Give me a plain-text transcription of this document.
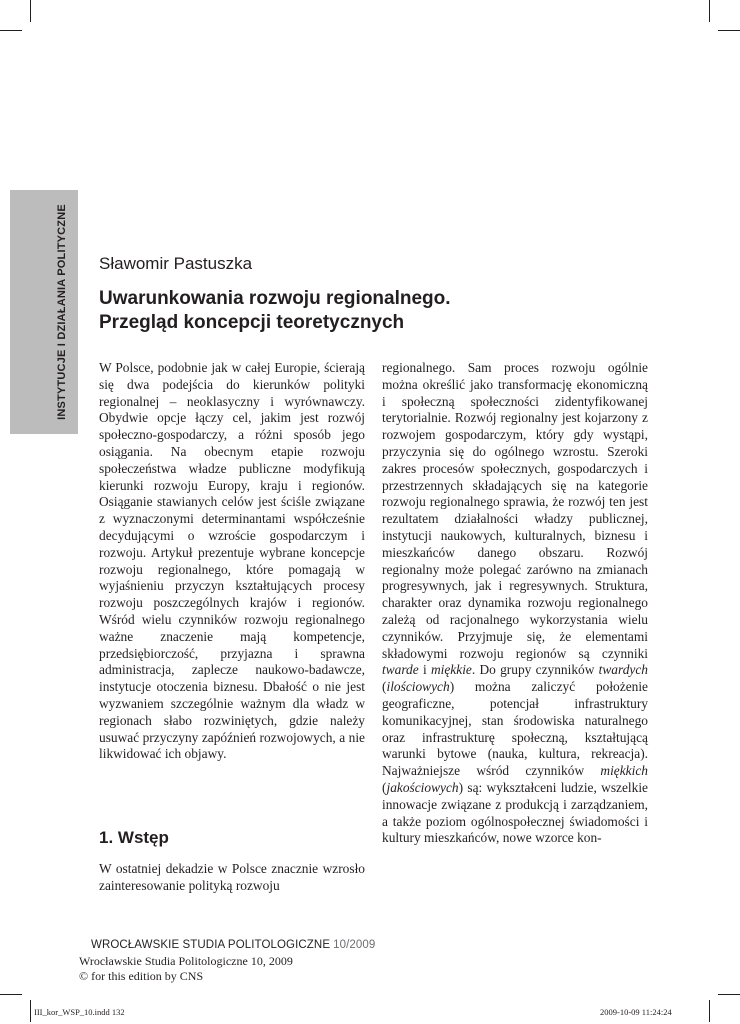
INSTYTUCJE I DZIAŁANIA POLITYCZNE Sławomir Pastuszka
Uwarunkowania rozwoju regionalnego.
Przegląd koncepcji teoretycznych

W Polsce, podobnie jak w całej Europie, ścierają się dwa podejścia do kierunków polityki regionalnej – neoklasyczny i wyrównawczy. Obydwie opcje łączy cel, jakim jest rozwój społeczno-gospodarczy, a różni sposób jego osiągania. Na obecnym etapie rozwoju społeczeństwa władze publiczne modyfikują kierunki rozwoju Europy, kraju i regionów. Osiąganie stawianych celów jest ściśle związane z wyznaczonymi determinantami współcześnie decydującymi o wzroście gospodarczym i rozwoju. Artykuł prezentuje wybrane koncepcje rozwoju regionalnego, które pomagają w wyjaśnieniu przyczyn kształtujących procesy rozwoju poszczególnych krajów i regionów. Wśród wielu czynników rozwoju regionalnego ważne znaczenie mają kompetencje, przedsiębiorczość, przyjazna i sprawna administracja, zaplecze naukowo-badawcze, instytucje otoczenia biznesu. Dbałość o nie jest wyzwaniem szczególnie ważnym dla władz w regionach słabo rozwiniętych, gdzie należy usuwać przyczyny zapóźnień rozwojowych, a nie likwidować ich objawy.

1. Wstęp

W ostatniej dekadzie w Polsce znacznie wzrosło zainteresowanie polityką rozwoju

regionalnego. Sam proces rozwoju ogólnie można określić jako transformację ekonomiczną i społeczną społeczności zidentyfikowanej terytorialnie. Rozwój regionalny jest kojarzony z rozwojem gospodarczym, który gdy wystąpi, przyczynia się do ogólnego wzrostu. Szeroki zakres procesów społecznych, gospodarczych i przestrzennych składających się na kategorie rozwoju regionalnego sprawia, że rozwój ten jest rezultatem działalności władzy publicznej, instytucji naukowych, kulturalnych, biznesu i mieszkańców danego obszaru. Rozwój regionalny może polegać zarówno na zmianach progresywnych, jak i regresywnych. Struktura, charakter oraz dynamika rozwoju regionalnego zależą od racjonalnego wykorzystania wielu czynników. Przyjmuje się, że elementami składowymi rozwoju regionów są czynniki twarde i miękkie. Do grupy czynników twardych (ilościowych) można zaliczyć położenie geograficzne, potencjał infrastruktury komunikacyjnej, stan środowiska naturalnego oraz infrastrukturę społeczną, kształtującą warunki bytowe (nauka, kultura, rekreacja). Najważniejsze wśród czynników miękkich (jakościowych) są: wykształceni ludzie, wszelkie innowacje związane z produkcją i zarządzaniem, a także poziom ogólnospołecznej świadomości i kultury mieszkańców, nowe wzorce kon-

WROCŁAWSKIE STUDIA POLITOLOGICZNE 10/2009
Wrocławskie Studia Politologiczne 10, 2009
© for this edition by CNS
III_kor_WSP_10.indd 132	2009-10-09 11:24:24
